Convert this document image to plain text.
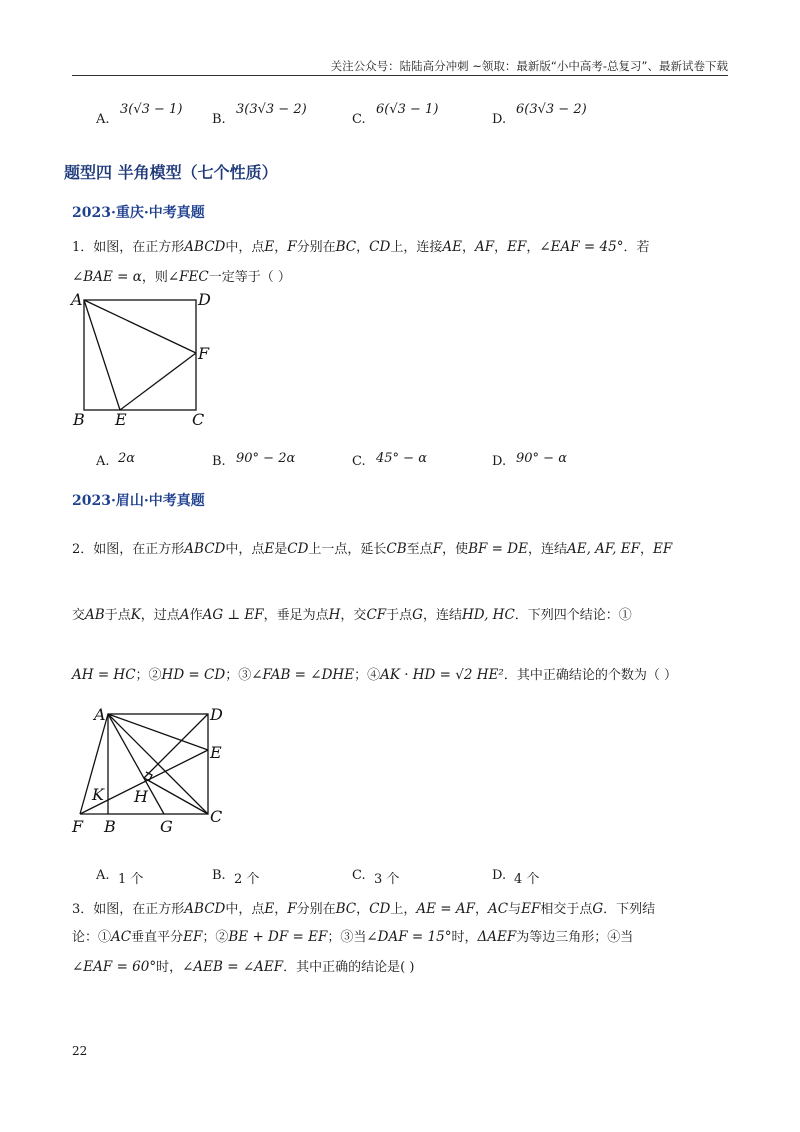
关注公众号：陆陆高分冲刺 ~领取：最新版“小中高考-总复习”、最新试卷下载
A.
3(√3 − 1)
B.
3(3√3 − 2)
C.
6(√3 − 1)
D.
6(3√3 − 2)
题型四 半角模型（七个性质）
2023·重庆·中考真题
1．如图，在正方形ABCD中，点E，F分别在BC，CD上，连接AE，AF，EF，∠EAF = 45°．若
∠BAE = α，则∠FEC一定等于（ ）
A	D
F
B E	C
A. 2α	B. 90° − 2α	C. 45° − α	D. 90° − α
2023·眉山·中考真题
2．如图，在正方形ABCD中，点E是CD上一点，延长CB至点F，使BF = DE，连结AE, AF, EF，EF
交AB于点K，过点A作AG ⊥ EF，垂足为点H，交CF于点G，连结HD, HC．下列四个结论：①
AH = HC；②HD = CD；③∠FAB = ∠DHE；④AK · HD = √2 HE²．其中正确结论的个数为（ ）
A	D
E
K H
F B	G
C
A. 1 个	B. 2 个	C. 3 个	D. 4 个
3．如图，在正方形ABCD中，点E，F分别在BC，CD上，AE = AF，AC与EF相交于点G．下列结
论：①AC垂直平分EF；②BE + DF = EF；③当∠DAF = 15°时，ΔAEF为等边三角形；④当
∠EAF = 60°时，∠AEB = ∠AEF．其中正确的结论是( )
22
